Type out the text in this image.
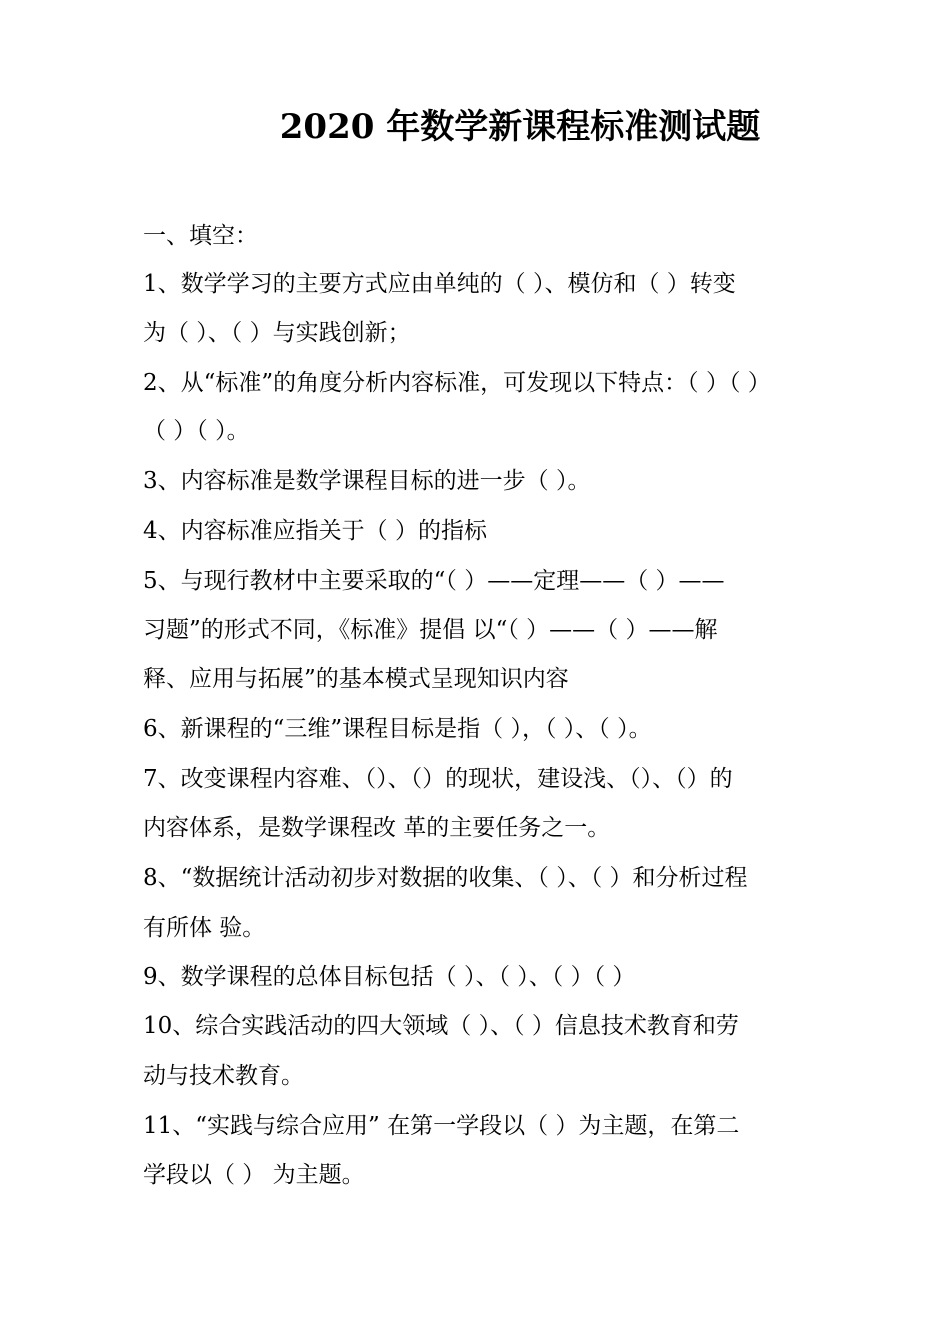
2020 年数学新课程标准测试题
一、填空：
1、数学学习的主要方式应由单纯的（ ）、模仿和（ ）转变
为（ ）、（ ）与实践创新；
2、从“标准”的角度分析内容标准，可发现以下特点：（ ）（ ）
（ ）（ ）。
3、内容标准是数学课程目标的进一步（ ）。
4、内容标准应指关于（ ）的指标
5、与现行教材中主要采取的“（ ）——定理——（ ）——
习题”的形式不同，《标准》提倡 以“（ ）——（ ）——解
释、应用与拓展”的基本模式呈现知识内容
6、新课程的“三维”课程目标是指（ ），（ ）、（ ）。
7、改变课程内容难、（）、（）的现状，建设浅、（）、（）的
内容体系，是数学课程改 革的主要任务之一。
8、“数据统计活动初步对数据的收集、（ ）、（ ）和分析过程
有所体 验。
9、数学课程的总体目标包括（ ）、（ ）、（ ）（ ）
10、综合实践活动的四大领域（ ）、（ ）信息技术教育和劳
动与技术教育。
11、“实践与综合应用” 在第一学段以（ ）为主题，在第二
学段以（ ） 为主题。
